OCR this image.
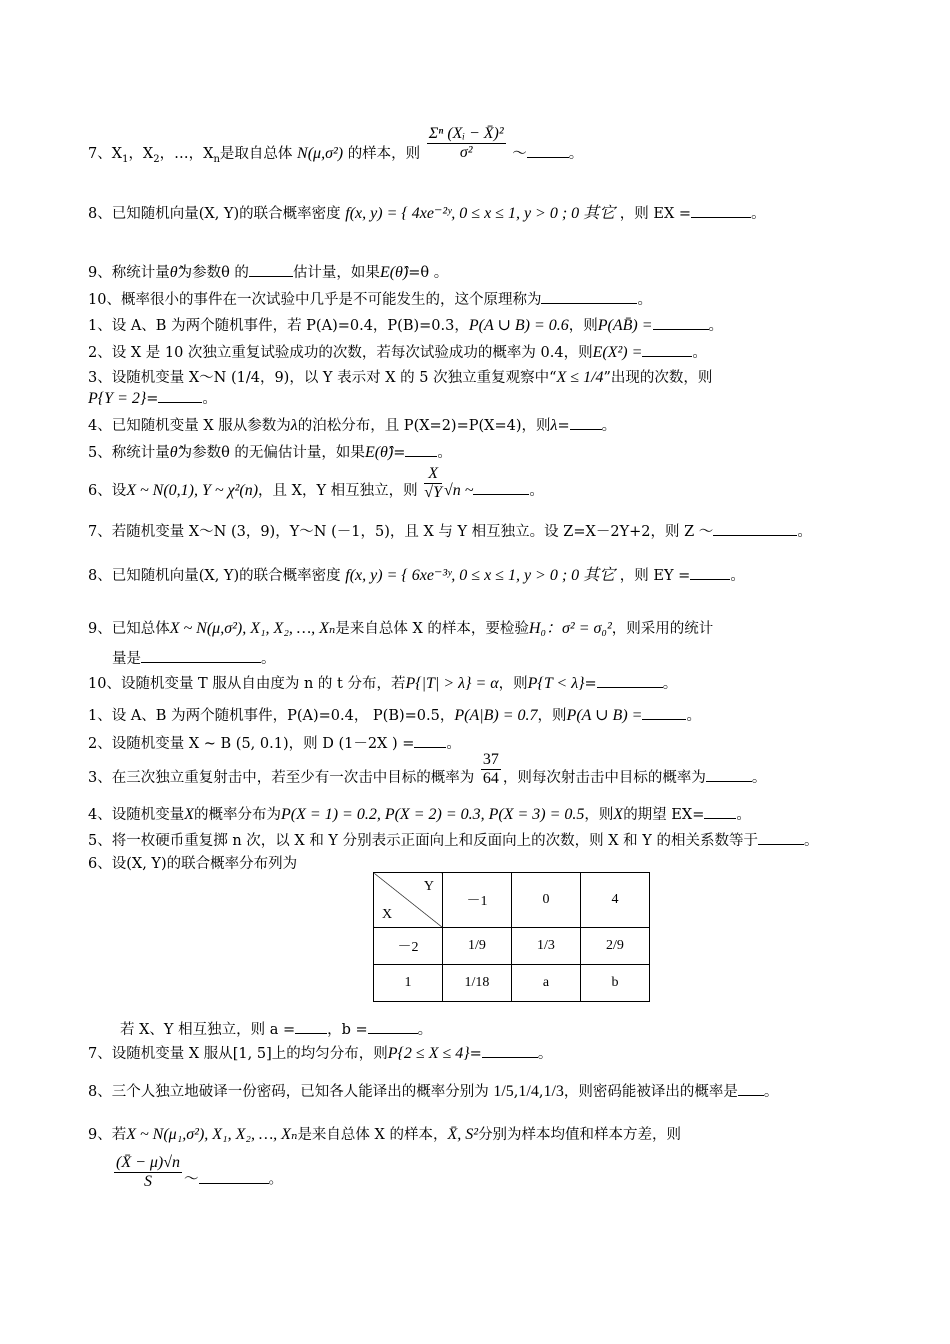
7、$X_1$，$X_2$，…，$X_n$是取自总体 N(μ,σ²) 的样本，则 $\frac{\text{Σⁿ (Xᵢ − X̄)²}}{\text{σ²}}$ ～	。
8、已知随机向量(X, Y)的联合概率密度 f(x, y) = { 4xe⁻²ʸ, 0 ≤ x ≤ 1, y > 0 ; 0 其它 ，则 EX =	。
9、称统计量θ̂为参数θ 的	估计量，如果E(θ̂)=θ 。
10、概率很小的事件在一次试验中几乎是不可能发生的，这个原理称为	。
1、设 A、B 为两个随机事件，若 P(A)=0.4，P(B)=0.3，P(A ∪ B) = 0.6，则P(AB̄) =	。
2、设 X 是 10 次独立重复试验成功的次数，若每次试验成功的概率为 0.4，则E(X²) =	。
3、设随机变量 X～N (1/4，9)，以 Y 表示对 X 的 5 次独立重复观察中“X ≤ 1/4”出现的次数，则
P{Y = 2}=	。
4、已知随机变量 X 服从参数为λ的泊松分布，且 P(X=2)=P(X=4)，则λ= 。
5、称统计量θ̂为参数θ 的无偏估计量，如果E(θ̂)= 。
6、设X ~ N(0,1), Y ~ χ²(n)，且 X，Y 相互独立，则 $\frac{X}{√Y} √n$ ~	。
7、若随机变量 X～N (3，9)，Y～N (－1，5)，且 X 与 Y 相互独立。设 Z=X－2Y+2，则 Z ～	。
8、已知随机向量(X, Y)的联合概率密度 f(x, y) = { 6xe⁻³ʸ, 0 ≤ x ≤ 1, y > 0 ; 0 其它 ，则 EY =	。
9、已知总体X ~ N(μ,σ²), X₁, X₂, …, Xₙ是来自总体 X 的样本，要检验H₀：σ² = σ₀²，则采用的统计
量是	。
10、设随机变量 T 服从自由度为 n 的 t 分布，若P{|T| > λ} = α，则P{T < λ}=	。
1、设 A、B 为两个随机事件，P(A)=0.4， P(B)=0.5，P(A|B) = 0.7，则P(A ∪ B) =	。
2、设随机变量 X ~ B (5, 0.1)，则 D (1－2X ) = 。
3、在三次独立重复射击中，若至少有一次击中目标的概率为 $\frac{37}{64}$ ，则每次射击击中目标的概率为	。
4、设随机变量X的概率分布为P(X = 1) = 0.2, P(X = 2) = 0.3, P(X = 3) = 0.5，则X的期望 EX= 。
5、将一枚硬币重复掷 n 次，以 X 和 Y 分别表示正面向上和反面向上的次数，则 X 和 Y 的相关系数等于	。
6、设(X, Y)的联合概率分布列为
Y
X	－1	0	4
－2	1/9	1/3	2/9
1	1/18	a	b
若 X、Y 相互独立，则 a = ，b =	。
7、设随机变量 X 服从[1, 5]上的均匀分布，则P{2 ≤ X ≤ 4}=	。
8、三个人独立地破译一份密码，已知各人能译出的概率分别为 1/5,1/4,1/3，则密码能被译出的概率是 。
9、若X ~ N(μ₁,σ²), X₁, X₂, …, Xₙ是来自总体 X 的样本，X̄, S²分别为样本均值和样本方差，则
$\frac{(X̄ - \mu)√n}{S}$ ～	。
